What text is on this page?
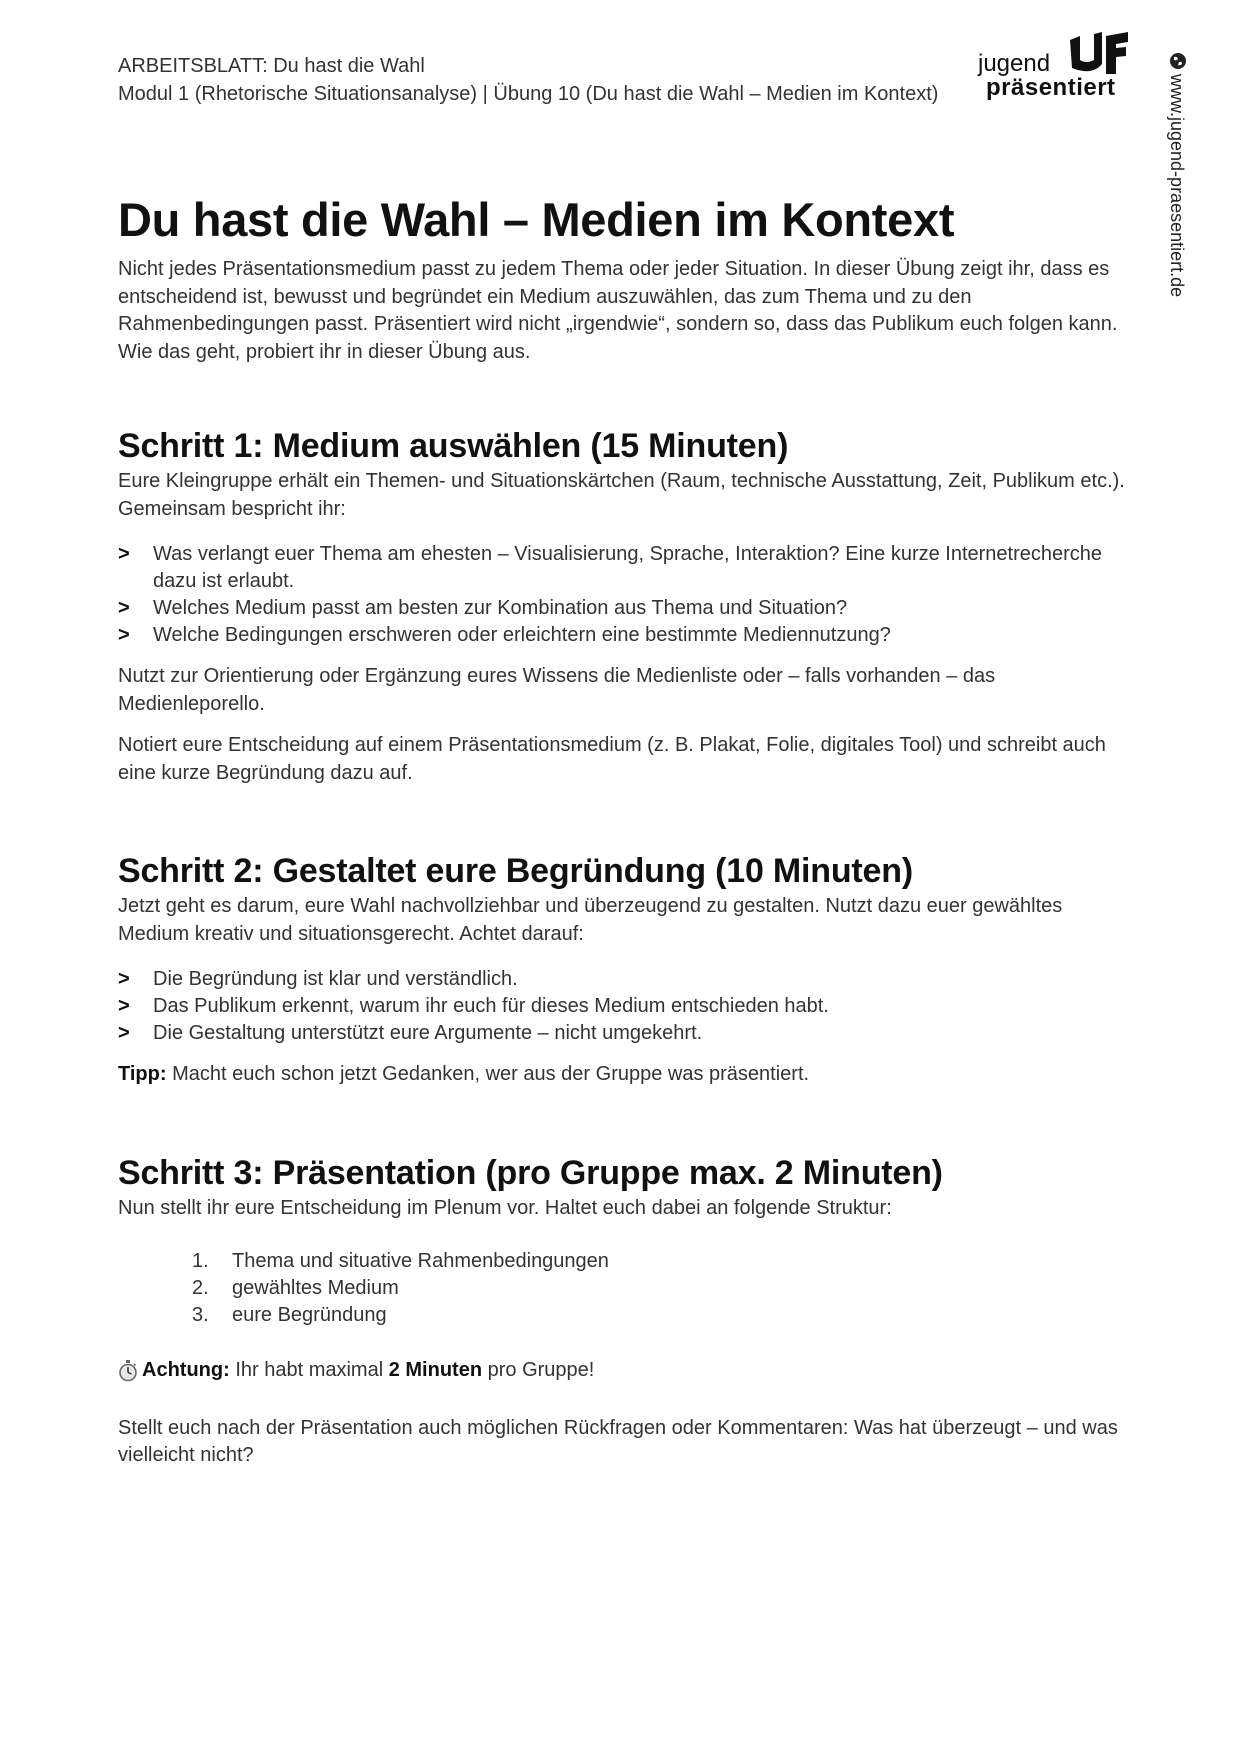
ARBEITSBLATT: Du hast die Wahl
Modul 1 (Rhetorische Situationsanalyse) | Übung 10 (Du hast die Wahl – Medien im Kontext)
jugend
präsentiert	www.jugend-praesentiert.de
Du hast die Wahl – Medien im Kontext

Nicht jedes Präsentationsmedium passt zu jedem Thema oder jeder Situation. In dieser Übung zeigt ihr, dass es entscheidend ist, bewusst und begründet ein Medium auszuwählen, das zum Thema und zu den Rahmenbedingungen passt. Präsentiert wird nicht „irgendwie“, sondern so, dass das Publikum euch folgen kann. Wie das geht, probiert ihr in dieser Übung aus.

Schritt 1: Medium auswählen (15 Minuten)

Eure Kleingruppe erhält ein Themen- und Situationskärtchen (Raum, technische Ausstattung, Zeit, Publikum etc.). Gemeinsam bespricht ihr:

> Was verlangt euer Thema am ehesten – Visualisierung, Sprache, Interaktion? Eine kurze Internetrecherche dazu ist erlaubt.
> Welches Medium passt am besten zur Kombination aus Thema und Situation?
> Welche Bedingungen erschweren oder erleichtern eine bestimmte Mediennutzung?

Nutzt zur Orientierung oder Ergänzung eures Wissens die Medienliste oder – falls vorhanden – das Medienleporello.

Notiert eure Entscheidung auf einem Präsentationsmedium (z. B. Plakat, Folie, digitales Tool) und schreibt auch eine kurze Begründung dazu auf.

Schritt 2: Gestaltet eure Begründung (10 Minuten)

Jetzt geht es darum, eure Wahl nachvollziehbar und überzeugend zu gestalten. Nutzt dazu euer gewähltes Medium kreativ und situationsgerecht. Achtet darauf:

> Die Begründung ist klar und verständlich.
> Das Publikum erkennt, warum ihr euch für dieses Medium entschieden habt.
> Die Gestaltung unterstützt eure Argumente – nicht umgekehrt.

Tipp: Macht euch schon jetzt Gedanken, wer aus der Gruppe was präsentiert.

Schritt 3: Präsentation (pro Gruppe max. 2 Minuten)

Nun stellt ihr eure Entscheidung im Plenum vor. Haltet euch dabei an folgende Struktur:

1. Thema und situative Rahmenbedingungen
2. gewähltes Medium
3. eure Begründung

Achtung: Ihr habt maximal 2 Minuten pro Gruppe!

Stellt euch nach der Präsentation auch möglichen Rückfragen oder Kommentaren: Was hat überzeugt – und was vielleicht nicht?
